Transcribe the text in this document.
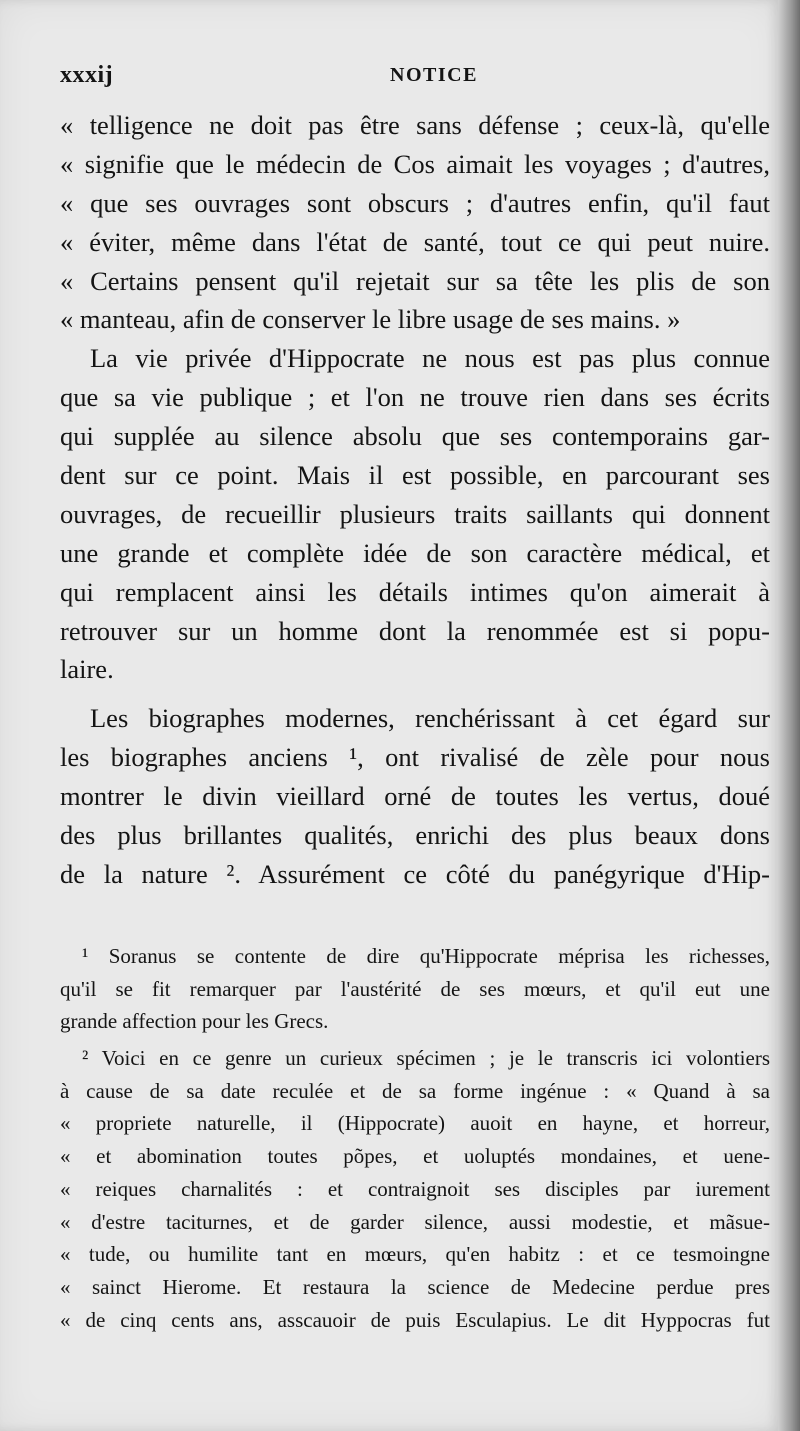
xxxij	NOTICE
« telligence ne doit pas être sans défense ; ceux-là, qu'elle
« signifie que le médecin de Cos aimait les voyages ; d'autres,
« que ses ouvrages sont obscurs ; d'autres enfin, qu'il faut
« éviter, même dans l'état de santé, tout ce qui peut nuire.
« Certains pensent qu'il rejetait sur sa tête les plis de son
« manteau, afin de conserver le libre usage de ses mains. »
La vie privée d'Hippocrate ne nous est pas plus connue
que sa vie publique ; et l'on ne trouve rien dans ses écrits
qui supplée au silence absolu que ses contemporains gar-
dent sur ce point. Mais il est possible, en parcourant ses
ouvrages, de recueillir plusieurs traits saillants qui donnent
une grande et complète idée de son caractère médical, et
qui remplacent ainsi les détails intimes qu'on aimerait à
retrouver sur un homme dont la renommée est si popu-
laire.
Les biographes modernes, renchérissant à cet égard sur
les biographes anciens ¹, ont rivalisé de zèle pour nous
montrer le divin vieillard orné de toutes les vertus, doué
des plus brillantes qualités, enrichi des plus beaux dons
de la nature ². Assurément ce côté du panégyrique d'Hip-
¹ Soranus se contente de dire qu'Hippocrate méprisa les richesses,
qu'il se fit remarquer par l'austérité de ses mœurs, et qu'il eut une
grande affection pour les Grecs.
² Voici en ce genre un curieux spécimen ; je le transcris ici volontiers
à cause de sa date reculée et de sa forme ingénue : « Quand à sa
« propriete naturelle, il (Hippocrate) auoit en hayne, et horreur,
« et abomination toutes põpes, et uoluptés mondaines, et uene-
« reiques charnalités : et contraignoit ses disciples par iurement
« d'estre taciturnes, et de garder silence, aussi modestie, et mãsue-
« tude, ou humilite tant en mœurs, qu'en habitz : et ce tesmoingne
« sainct Hierome. Et restaura la science de Medecine perdue pres
« de cinq cents ans, asscauoir de puis Esculapius. Le dit Hyppocras fut
